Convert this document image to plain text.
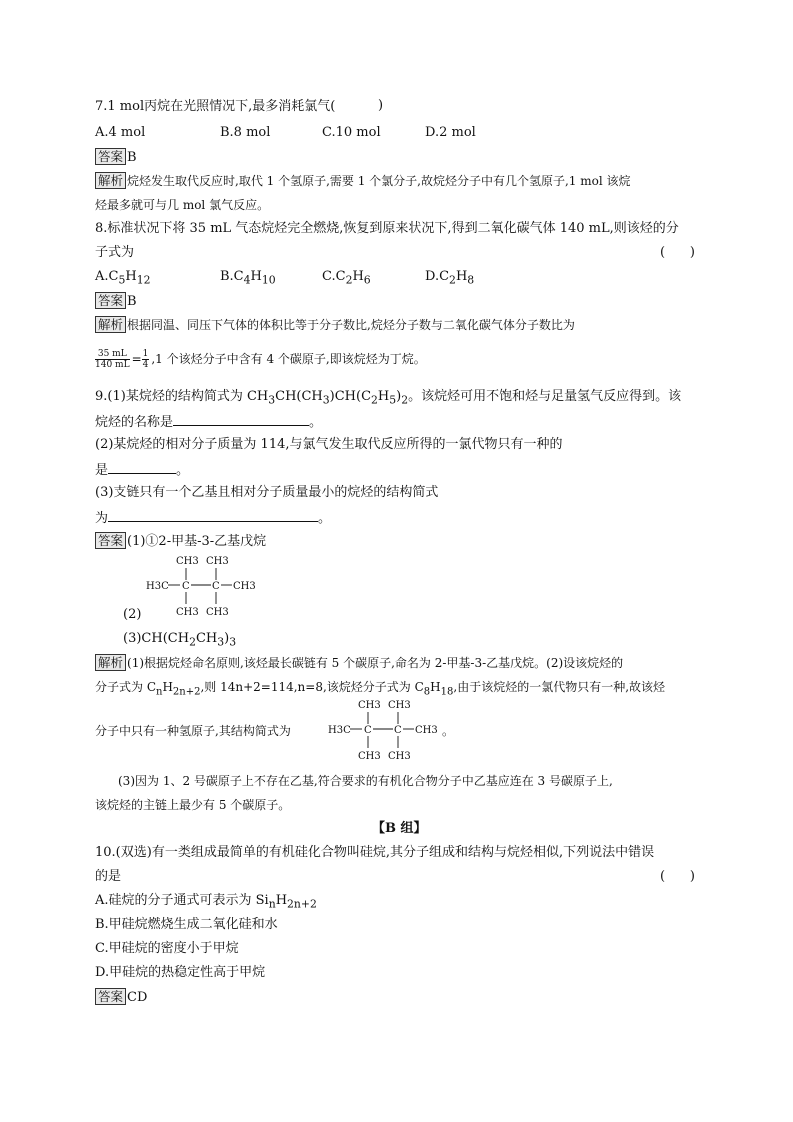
7.1 mol丙烷在光照情况下,最多消耗氯气(	)
A.4 mol	B.8 mol	C.10 mol	D.2 mol
答案 B
解析 烷烃发生取代反应时,取代 1 个氢原子,需要 1 个氯分子,故烷烃分子中有几个氢原子,1 mol 该烷
烃最多就可与几 mol 氯气反应。
8.标准状况下将 35 mL 气态烷烃完全燃烧,恢复到原来状况下,得到二氧化碳气体 140 mL,则该烃的分
子式为	(      )
$A.C_5H_{12}$	$B.C_4H_{10}$	$C.C_2H_6$	$D.C_2H_8$
答案 B
解析 根据同温、同压下气体的体积比等于分子数比,烷烃分子数与二氧化碳气体分子数比为
$\frac{35 mL}{140 mL} = \frac{1}{4} ,1$ 个该烃分子中含有 4 个碳原子,即该烷烃为丁烷。
9.(1)某烷烃的结构简式为 $CH_3CH(CH_3)CH(C_2H_5)_2$。该烷烃可用不饱和烃与足量氢气反应得到。该
烷烃的名称是	。
(2)某烷烃的相对分子质量为 114,与氯气发生取代反应所得的一氯代物只有一种的
是	。
(3)支链只有一个乙基且相对分子质量最小的烷烃的结构简式
为	。
答案 (1)①2-甲基-3-乙基戊烷
CH3 CH3
H3C C C CH3
CH3 CH3
(2)
$(3)CH(CH_2CH_3)_3$
解析 (1)根据烷烃命名原则,该烃最长碳链有 5 个碳原子,命名为 2-甲基-3-乙基戊烷。(2)设该烷烃的
分子式为 $C_nH_{2n+2}$,则 14n+2=114,n=8,该烷烃分子式为 $C_8H_{18}$,由于该烷烃的一氯代物只有一种,故该烃
CH3 CH3
H3C C C CH3
CH3 CH3
分子中只有一种氢原子,其结构简式为	。
(3)因为 1、2 号碳原子上不存在乙基,符合要求的有机化合物分子中乙基应连在 3 号碳原子上,
该烷烃的主链上最少有 5 个碳原子。
【B 组】
10.(双选)有一类组成最简单的有机硅化合物叫硅烷,其分子组成和结构与烷烃相似,下列说法中错误
的是	(      )
A.硅烷的分子通式可表示为 $Si_nH_{2n+2}$
B.甲硅烷燃烧生成二氧化硅和水
C.甲硅烷的密度小于甲烷
D.甲硅烷的热稳定性高于甲烷
答案 CD
